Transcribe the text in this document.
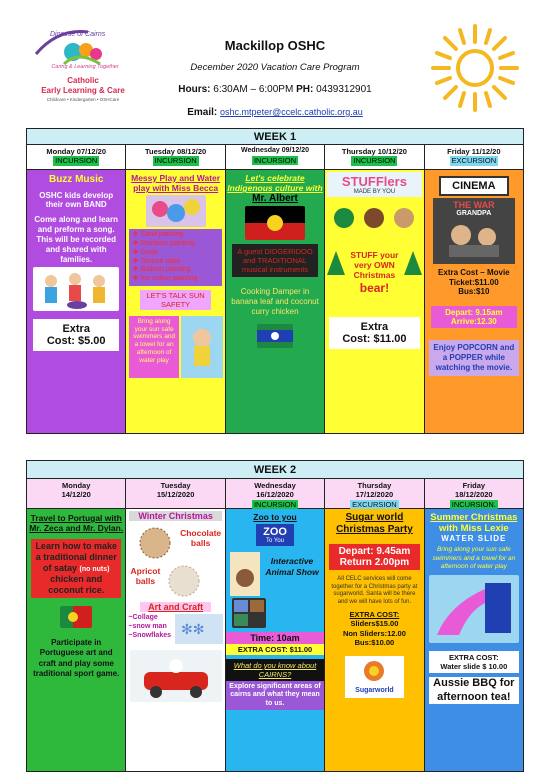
Diocese of Cairns
Caring & Learning Together
Catholic
Early Learning & Care
Childcare • Kindergarten • OSHCare
Mackillop OSHC
December 2020 Vacation Care Program
Hours: 6:30AM – 6:00PM PH: 0439312901
Email: oshc.mtpeter@ccelc.catholic.org.au
WEEK 1
Monday 07/12/20
INCURSION
Tuesday 08/12/20
INCURSION
Wednesday 09/12/20
INCURSION
Thursday 10/12/20
INCURSION
Friday 11/12/20
EXCURSION
Buzz Music
OSHC kids develop their own BAND
Come along and learn and preform a song. This will be recorded and shared with families.
Extra
Cost: $5.00
Messy Play and Water play with Miss Becca
❖ Sand painting
❖ Rainbow painting
❖ Goop
❖ Texture table
❖ Balloon painting
❖ Ice colour painting
LET'S TALK SUN SAFETY
Bring along your sun safe swimmers and a towel for an afternoon of water play
Let's celebrate Indigenous culture with
Mr. Albert
A guest DIDGERIDOO and TRADITIONAL musical instruments
Cooking Damper in banana leaf and coconut curry chicken
STUFFlers
MADE BY YOU
STUFF your very OWN Christmas
bear!
Extra
Cost: $11.00
CINEMA
THE WAR
GRANDPA
Extra Cost – Movie Ticket:$11.00
Bus:$10
Depart: 9.15am
Arrive:12.30
Enjoy POPCORN and a POPPER while watching the movie.
WEEK 2
Monday
14/12/20
Tuesday
15/12/2020
Wednesday
16/12/2020
INCURSION
Thursday
17/12/2020
EXCURSION
Friday
18/12/2020
INCURSION.
Travel to Portugal with Mr. Zeca and Mr. Dylan.
Learn how to make a traditional dinner of satay (no nuts) chicken and coconut rice.
Participate in Portuguese art and craft and play some traditional sport game.
Winter Christmas
Chocolate balls
Apricot balls
Art and Craft
~Collage
~snow man
~Snowflakes ✻✻
Zoo to you
ZOO
To You
Interactive Animal Show
Time: 10am
EXTRA COST: $11.00
What do you know about CAIRNS?
Explore significant areas of cairns and what they mean to us.
Sugar world Christmas Party
Depart: 9.45am
Return 2.00pm
All CELC services will come together for a Christmas party at sugarworld. Santa will be there and we will have lots of fun.
EXTRA COST:
Sliders$15.00
Non Sliders:12.00
Bus:$10.00
Sugarworld
Summer Christmas
with Miss Lexie
WATER SLIDE
Bring along your sun safe swimmers and a towel for an afternoon of water play
EXTRA COST:
Water slide $ 10.00
Aussie BBQ for afternoon tea!
